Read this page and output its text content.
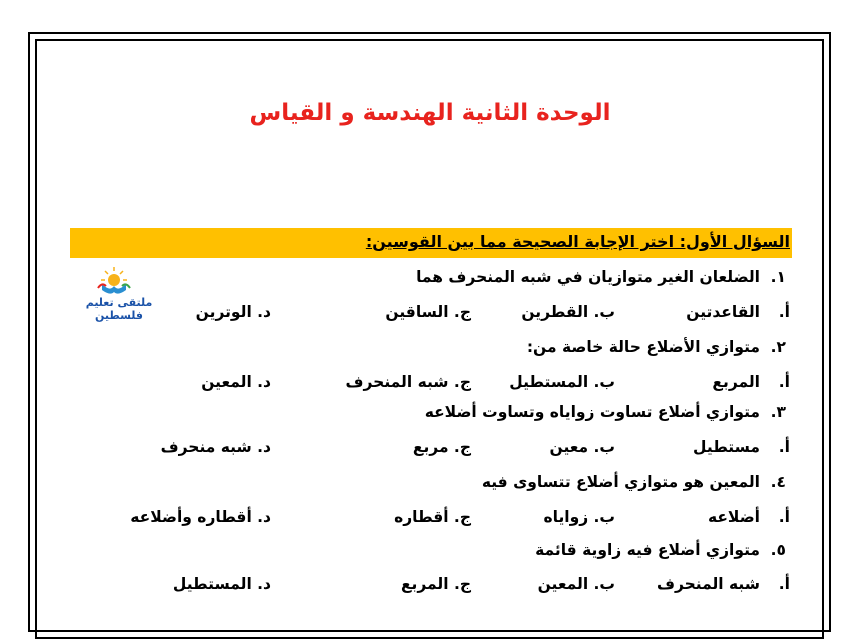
الوحدة الثانية الهندسة و القياس
السؤال الأول: اختر الإجابة الصحيحة مما بين القوسين:
ملتقى تعليم فلسطين
١.
الضلعان الغير متوازيان في شبه المنحرف هما
أ.
القاعدتين
ب. القطرين
ج. الساقين
د. الوترين
٢.
متوازي الأضلاع حالة خاصة من:
أ.
المربع
ب. المستطيل
ج. شبه المنحرف
د. المعين
٣.
متوازي أضلاع تساوت زواياه وتساوت أضلاعه
أ.
مستطيل
ب. معين
ج. مربع
د. شبه منحرف
٤.
المعين هو متوازي أضلاع تتساوى فيه
أ.
أضلاعه
ب. زواياه
ج. أقطاره
د. أقطاره وأضلاعه
٥.
متوازي أضلاع فيه زاوية قائمة
أ.
شبه المنحرف
ب. المعين
ج. المربع
د. المستطيل
